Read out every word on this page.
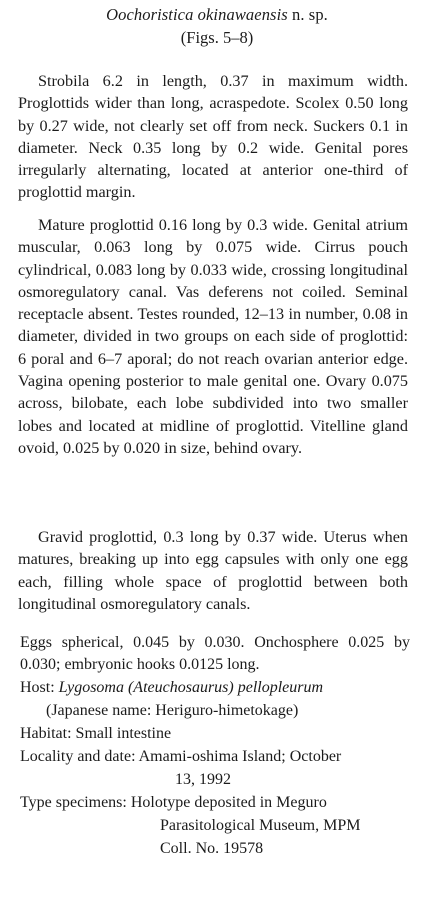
Oochoristica okinawaensis n. sp.
(Figs. 5–8)
Strobila 6.2 in length, 0.37 in maximum width. Proglottids wider than long, acraspedote. Scolex 0.50 long by 0.27 wide, not clearly set off from neck. Suckers 0.1 in diameter. Neck 0.35 long by 0.2 wide. Genital pores irregularly alternating, located at anterior one-third of proglottid margin.
Mature proglottid 0.16 long by 0.3 wide. Genital atrium muscular, 0.063 long by 0.075 wide. Cirrus pouch cylindrical, 0.083 long by 0.033 wide, crossing longitudinal osmoregulatory canal. Vas deferens not coiled. Seminal receptacle absent. Testes rounded, 12–13 in number, 0.08 in diameter, divided in two groups on each side of proglottid: 6 poral and 6–7 aporal; do not reach ovarian anterior edge. Vagina opening posterior to male genital one. Ovary 0.075 across, bilobate, each lobe subdivided into two smaller lobes and located at midline of proglottid. Vitelline gland ovoid, 0.025 by 0.020 in size, behind ovary.
Gravid proglottid, 0.3 long by 0.37 wide. Uterus when matures, breaking up into egg capsules with only one egg each, filling whole space of proglottid between both longitudinal osmoregulatory canals.
Eggs spherical, 0.045 by 0.030. Onchosphere 0.025 by 0.030; embryonic hooks 0.0125 long.
Host: Lygosoma (Ateuchosaurus) pellopleurum
(Japanese name: Heriguro-himetokage)
Habitat: Small intestine
Locality and date: Amami-oshima Island; October
13, 1992
Type specimens: Holotype deposited in Meguro
Parasitological Museum, MPM
Coll. No. 19578
